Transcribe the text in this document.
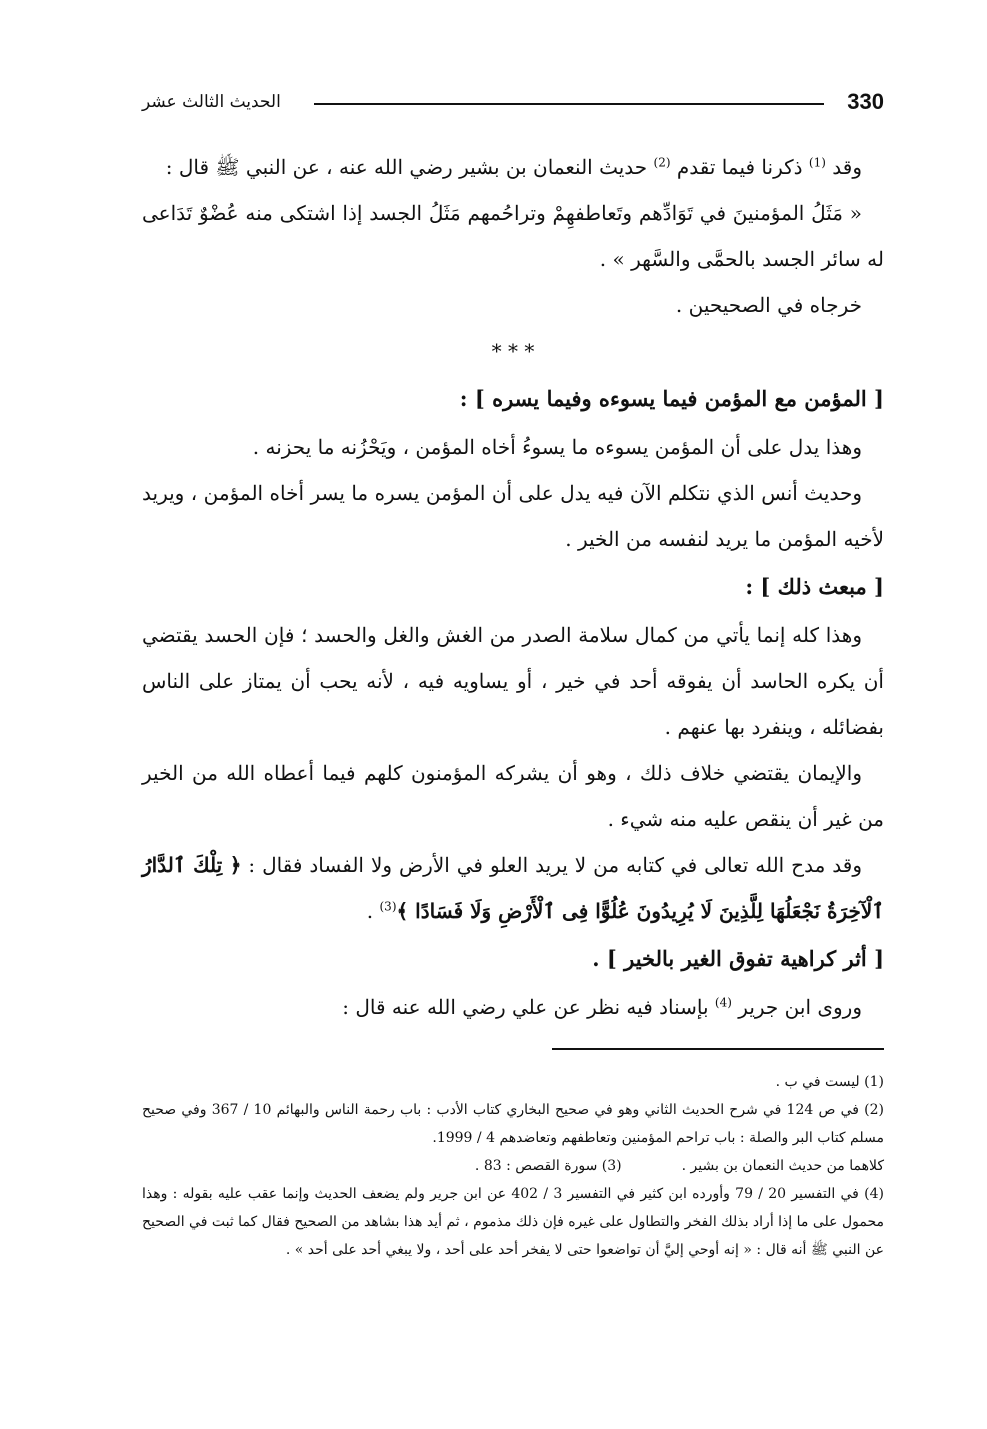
330
الحديث الثالث عشر

وقد $^{(1)}$ ذكرنا فيما تقدم $^{(2)}$ حديث النعمان بن بشير رضي الله عنه ، عن النبي ﷺ قال :

« مَثَلُ المؤمنينَ في تَوَادِّهم وتَعاطفهِمْ وتراحُمهم مَثَلُ الجسد إذا اشتكى منه عُضْوٌ تَدَاعى له سائر الجسد بالحمَّى والسَّهر » .

خرجاه في الصحيحين .

* * *

[ المؤمن مع المؤمن فيما يسوءه وفيما يسره ] :

وهذا يدل على أن المؤمن يسوءه ما يسوءُ أخاه المؤمن ، ويَحْزُنه ما يحزنه .

وحديث أنس الذي نتكلم الآن فيه يدل على أن المؤمن يسره ما يسر أخاه المؤمن ، ويريد لأخيه المؤمن ما يريد لنفسه من الخير .

[ مبعث ذلك ] :

وهذا كله إنما يأتي من كمال سلامة الصدر من الغش والغل والحسد ؛ فإن الحسد يقتضي أن يكره الحاسد أن يفوقه أحد في خير ، أو يساويه فيه ، لأنه يحب أن يمتاز على الناس بفضائله ، وينفرد بها عنهم .

والإيمان يقتضي خلاف ذلك ، وهو أن يشركه المؤمنون كلهم فيما أعطاه الله من الخير من غير أن ينقص عليه منه شيء .

وقد مدح الله تعالى في كتابه من لا يريد العلو في الأرض ولا الفساد فقال : ﴿ تِلْكَ ٱلدَّارُ ٱلْآخِرَةُ نَجْعَلُهَا لِلَّذِينَ لَا يُرِيدُونَ عُلُوًّا فِى ٱلْأَرْضِ وَلَا فَسَادًا ﴾$^{(3)}$ .

[ أثر كراهية تفوق الغير بالخير ] .

وروى ابن جرير $^{(4)}$ بإسناد فيه نظر عن علي رضي الله عنه قال :

(1) ليست في ب .

(2) في ص 124 في شرح الحديث الثاني وهو في صحيح البخاري كتاب الأدب : باب رحمة الناس والبهائم 10 / 367 وفي صحيح مسلم كتاب البر والصلة : باب تراحم المؤمنين وتعاطفهم وتعاضدهم 4 / 1999.

كلاهما من حديث النعمان بن بشير .

(3) سورة القصص : 83 .

(4) في التفسير 20 / 79 وأورده ابن كثير في التفسير 3 / 402 عن ابن جرير ولم يضعف الحديث وإنما عقب عليه بقوله : وهذا محمول على ما إذا أراد بذلك الفخر والتطاول على غيره فإن ذلك مذموم ، ثم أيد هذا بشاهد من الصحيح فقال كما ثبت في الصحيح عن النبي ﷺ أنه قال : « إنه أوحي إليَّ أن تواضعوا حتى لا يفخر أحد على أحد ، ولا يبغي أحد على أحد » .
